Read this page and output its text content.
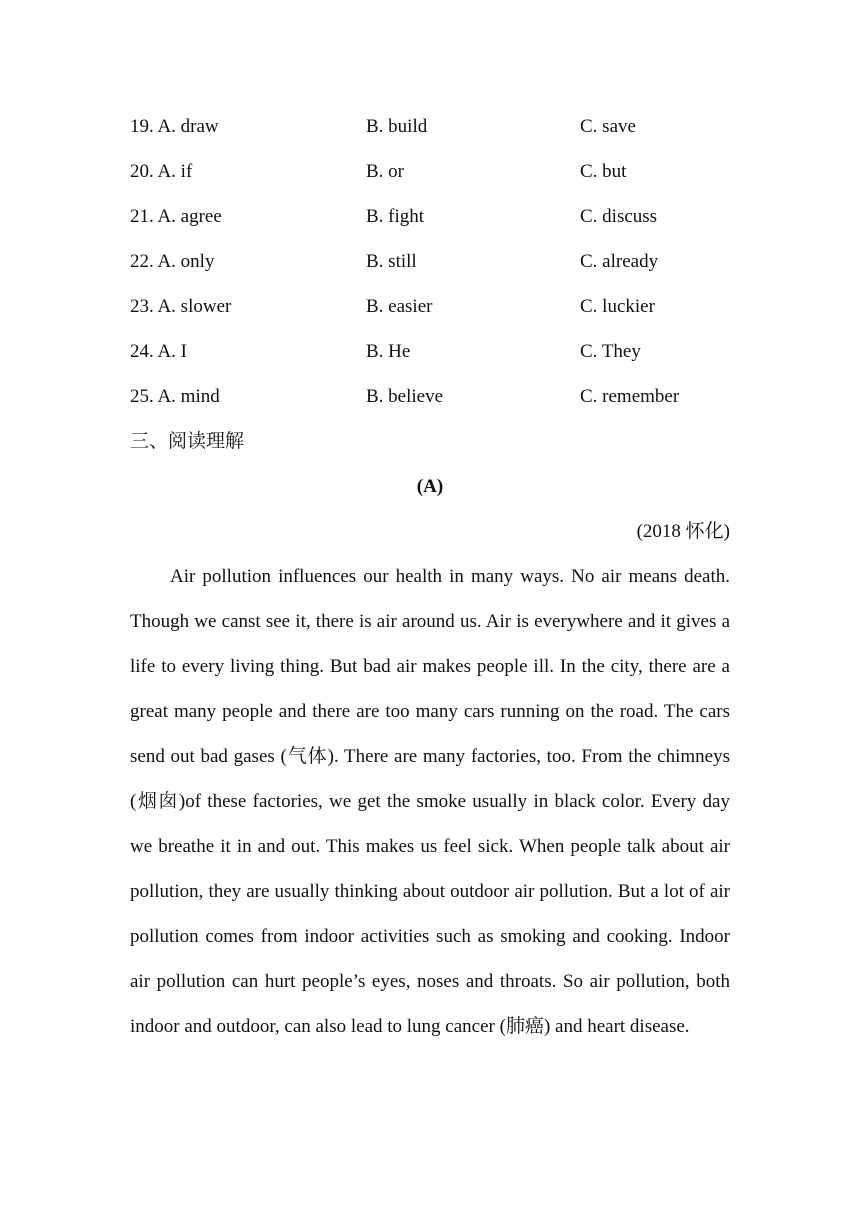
19. A. draw	B. build	C. save
20. A. if	B. or	C. but
21. A. agree	B. fight	C. discuss
22. A. only	B. still	C. already
23. A. slower	B. easier	C. luckier
24. A. I	B. He	C. They
25. A. mind	B. believe	C. remember
三、阅读理解
(A)
(2018 怀化)

Air pollution influences our health in many ways. No air means death. Though we canst see it, there is air around us. Air is everywhere and it gives a life to every living thing. But bad air makes people ill. In the city, there are a great many people and there are too many cars running on the road. The cars send out bad gases (气体). There are many factories, too. From the chimneys (烟囱)of these factories, we get the smoke usually in black color. Every day we breathe it in and out. This makes us feel sick. When people talk about air pollution, they are usually thinking about outdoor air pollution. But a lot of air pollution comes from indoor activities such as smoking and cooking. Indoor air pollution can hurt people’s eyes, noses and throats. So air pollution, both indoor and outdoor, can also lead to lung cancer (肺癌) and heart disease.
